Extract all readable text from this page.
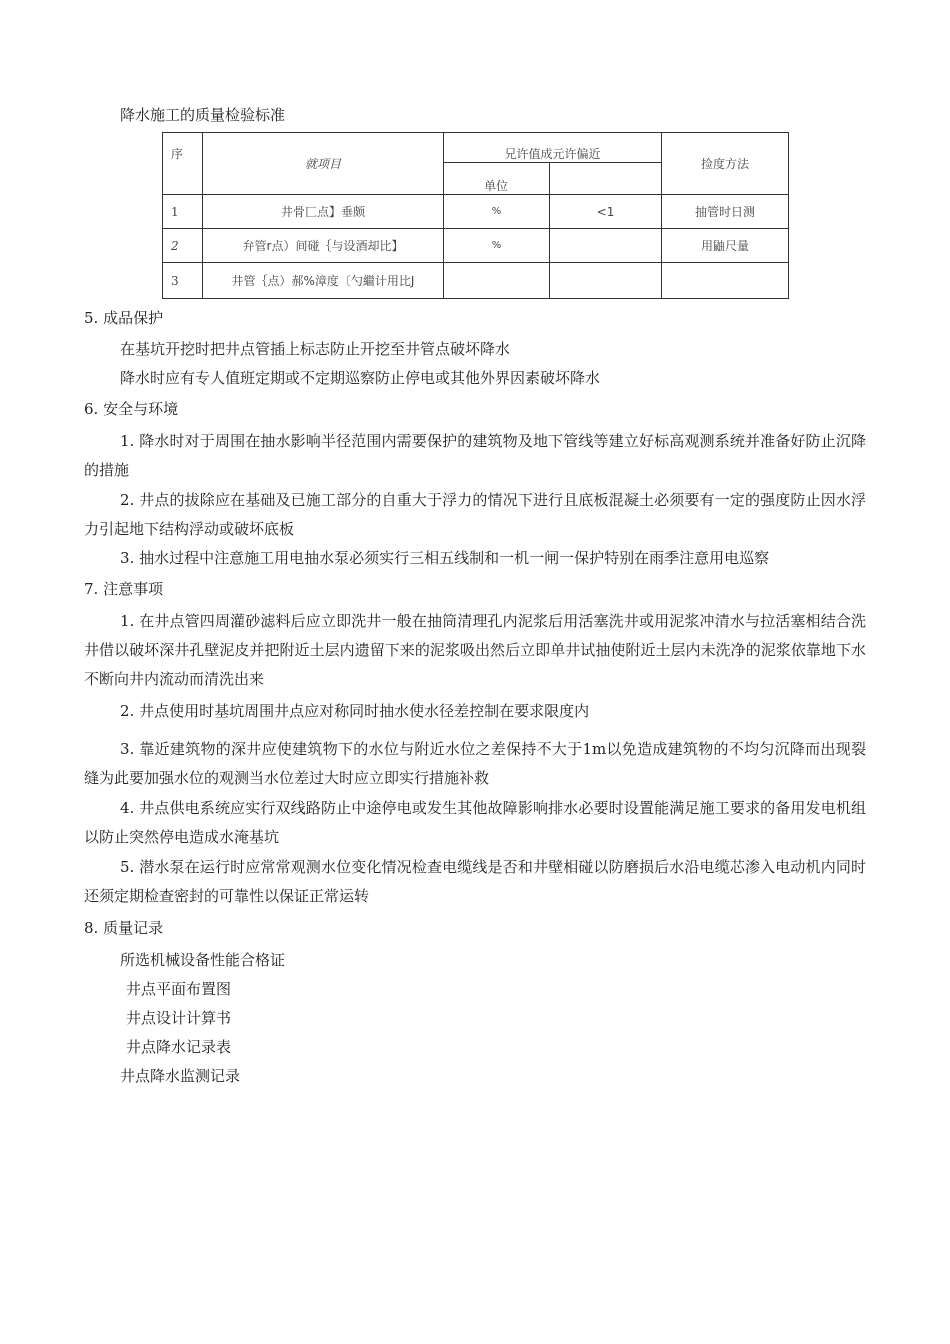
降水施工的质量检验标准
序	就项目	兄许值成元许偏近		捡度方法
		单位		
1	井骨匚点】垂颇	%	<1	抽管时日测
2	弁管r点）间碰｛与设酒却比】	%		用鼬尺量
3	井管｛点）郝%漳度〔勺繼计用比J			
5. 成品保护
在基坑开挖时把井点管插上标志防止开挖至井管点破坏降水
降水时应有专人值班定期或不定期巡察防止停电或其他外界因素破坏降水
6. 安全与环境
1. 降水时对于周围在抽水影响半径范围内需要保护的建筑物及地下管线等建立好标高观测系统并准备好防止沉降的措施
2. 井点的拔除应在基础及已施工部分的自重大于浮力的情况下进行且底板混凝土必须要有一定的强度防止因水浮力引起地下结构浮动或破坏底板
3. 抽水过程中注意施工用电抽水泵必须实行三相五线制和一机一闸一保护特别在雨季注意用电巡察
7. 注意事项
1. 在井点管四周灌砂滤料后应立即洗井一般在抽筒清理孔内泥浆后用活塞洗井或用泥浆冲清水与拉活塞相结合洗井借以破坏深井孔壁泥皮并把附近土层内遗留下来的泥浆吸出然后立即单井试抽使附近土层内未洗净的泥浆依靠地下水不断向井内流动而清洗出来
2. 井点使用时基坑周围井点应对称同时抽水使水径差控制在要求限度内
3. 靠近建筑物的深井应使建筑物下的水位与附近水位之差保持不大于1m以免造成建筑物的不均匀沉降而出现裂缝为此要加强水位的观测当水位差过大时应立即实行措施补救
4. 井点供电系统应实行双线路防止中途停电或发生其他故障影响排水必要时设置能满足施工要求的备用发电机组以防止突然停电造成水淹基坑
5. 潜水泵在运行时应常常观测水位变化情况检查电缆线是否和井壁相碰以防磨损后水沿电缆芯渗入电动机内同时还须定期检查密封的可靠性以保证正常运转
8. 质量记录
所选机械设备性能合格证
井点平面布置图
井点设计计算书
井点降水记录表
井点降水监测记录
